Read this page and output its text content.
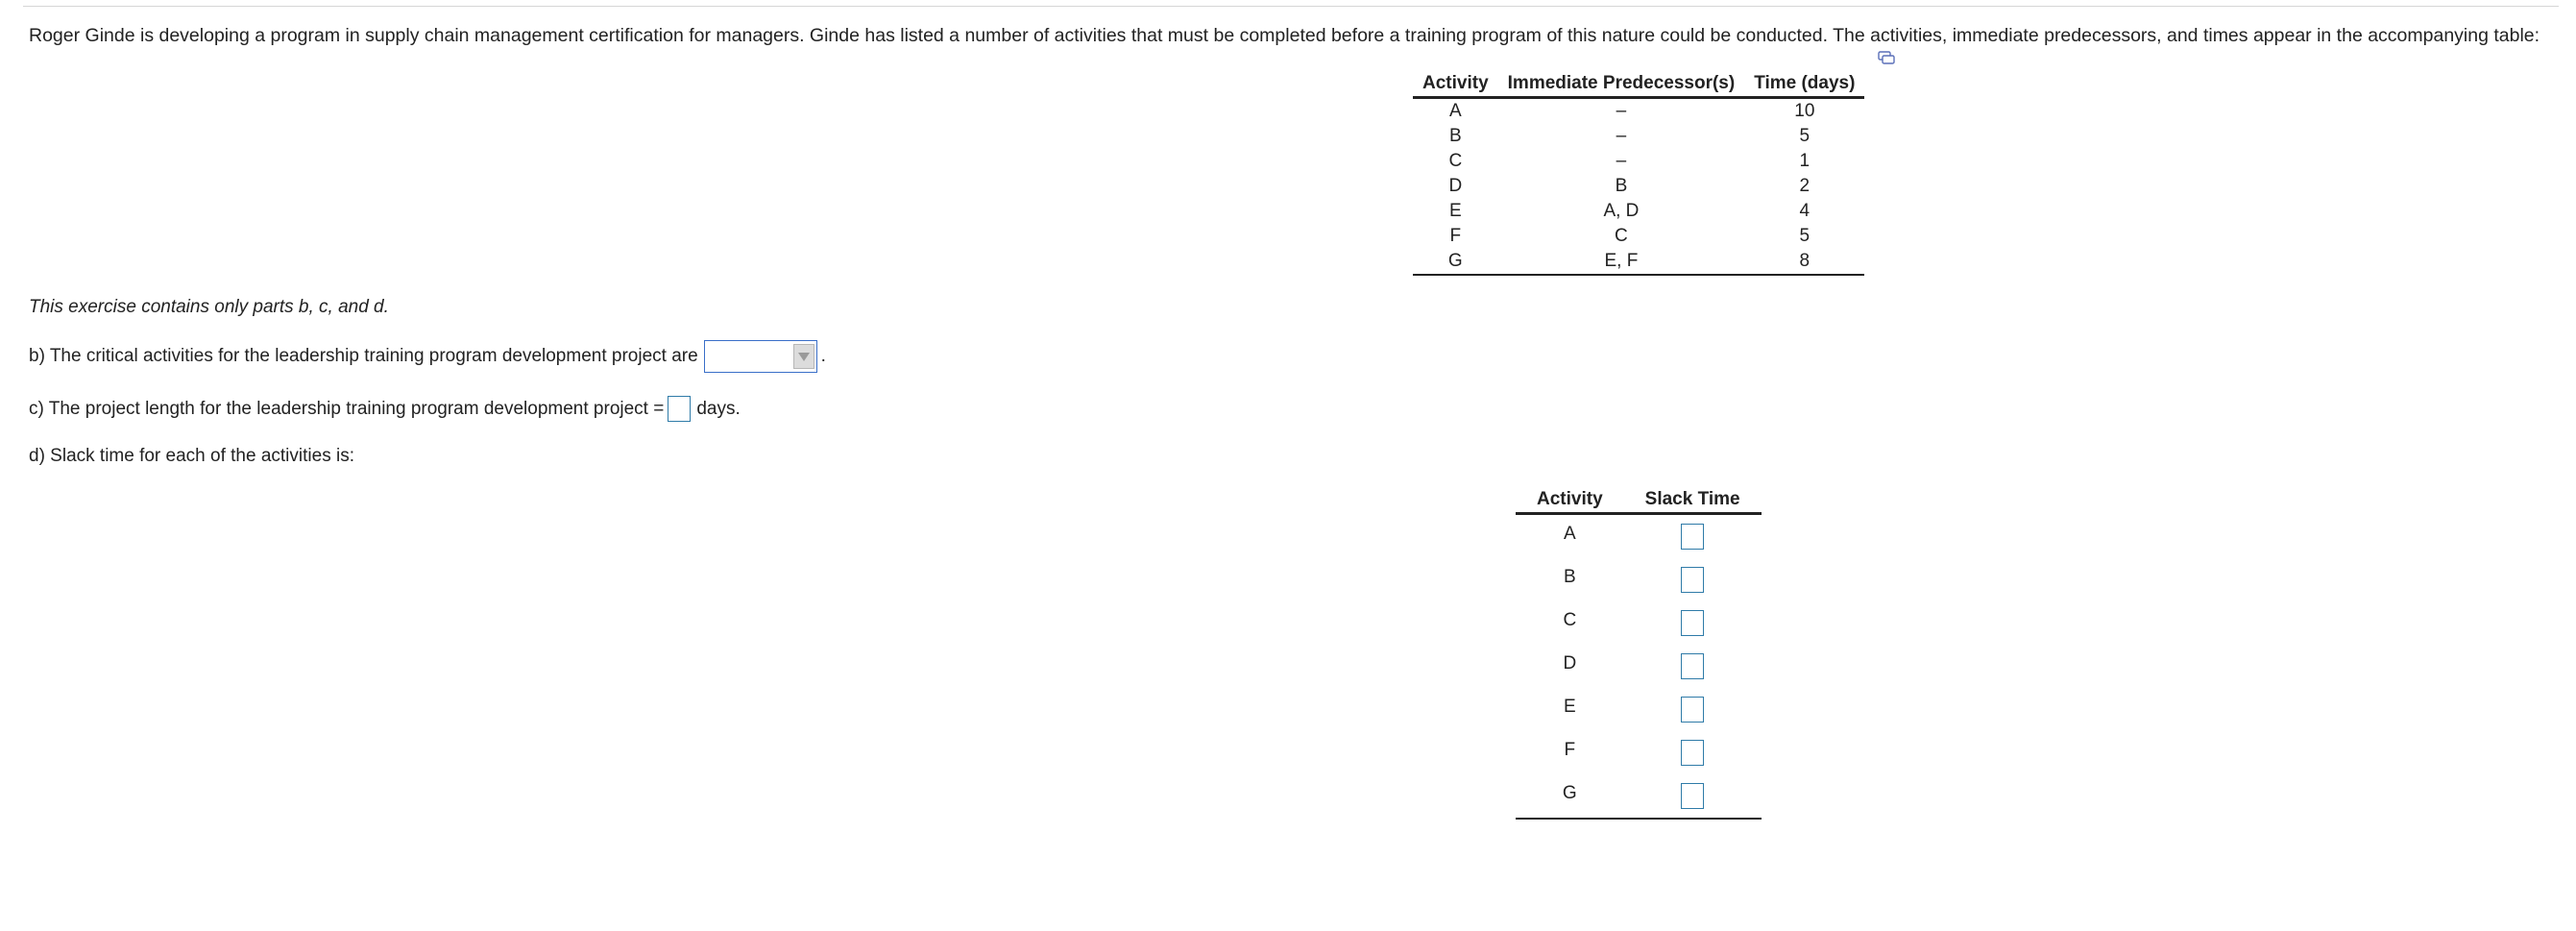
Roger Ginde is developing a program in supply chain management certification for managers. Ginde has listed a number of activities that must be completed before a training program of this nature could be conducted. The activities, immediate predecessors, and times appear in the accompanying table:
Activity	Immediate Predecessor(s)	Time (days)
A	–	10
B	–	5
C	–	1
D	B	2
E	A, D	4
F	C	5
G	E, F	8
This exercise contains only parts b, c, and d.
b) The critical activities for the leadership training program development project are	.
c) The project length for the leadership training program development project = days.
d) Slack time for each of the activities is:
Activity	Slack Time
A	
B	
C	
D	
E	
F	
G	
